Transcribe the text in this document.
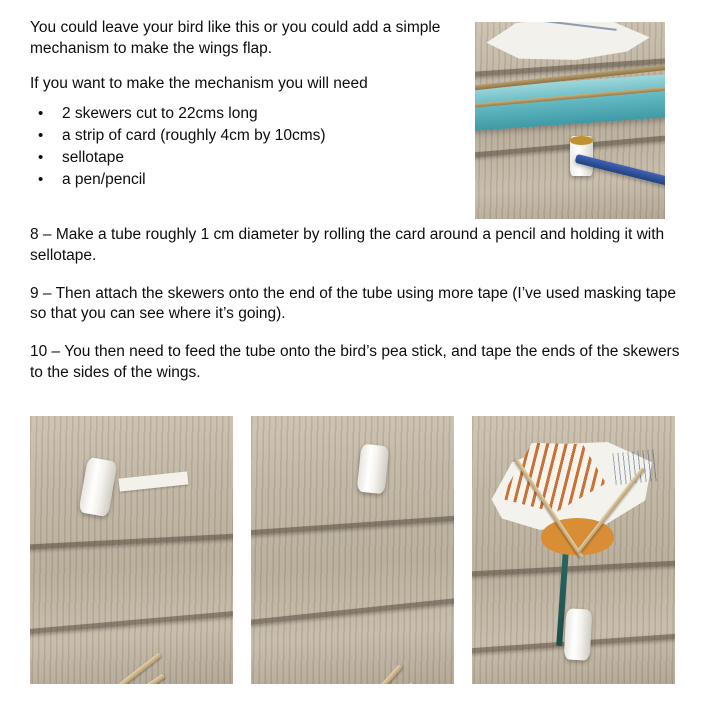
You could leave your bird like this or you could add a simple mechanism to make the wings flap.

If you want to make the mechanism you will need

• 2 skewers cut to 22cms long
• a strip of card (roughly 4cm by 10cms)
• sellotape
• a pen/pencil

8 – Make a tube roughly 1 cm diameter by rolling the card around a pencil and holding it with sellotape.

9 – Then attach the skewers onto the end of the tube using more tape (I’ve used masking tape so that you can see where it’s going).

10 – You then need to feed the tube onto the bird’s pea stick, and tape the ends of the skewers to the sides of the wings.
